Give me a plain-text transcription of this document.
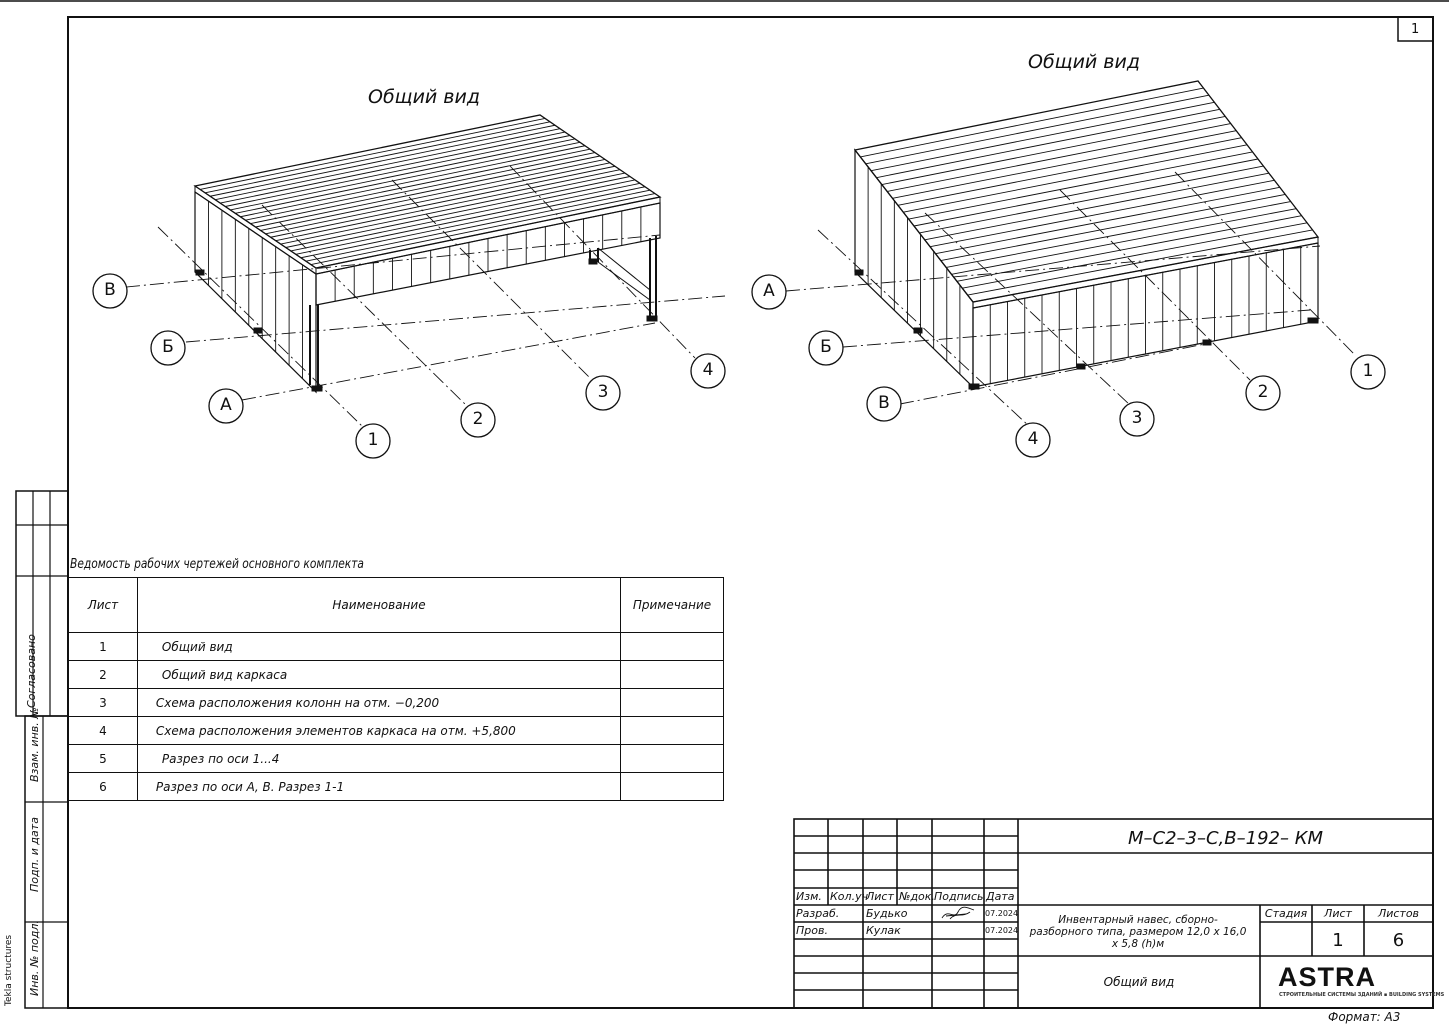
1
Согласовано
Взам. инв. №
Подп. и дата
Инв. № подл.
Tekla structures
Общий вид
Общий вид
В
Б
А
1
2
3
4
А
Б
В
4
3
2
1
Ведомость рабочих чертежей основного комплекта
Лист	Наименование	Примечание
1	Общий вид	
2	Общий вид каркаса	
3	Схема расположения колонн на отм. −0,200	
4	Схема расположения элементов каркаса на отм. +5,800	
5	Разрез по оси 1...4	
6	Разрез по оси А, В. Разрез 1-1	
М–С2–3–С,В–192– КМ
Изм. Кол.уч
Лист №док. Подпись Дата
Разраб. Будько	07.2024
Пров.	Кулак	07.2024
Инвентарный навес, сборно-разборного типа, размером 12,0 х 16,0 х 5,8 (h)м
Стадия	Лист	Листов
1	6
Общий вид	ASTRA
СТРОИТЕЛЬНЫЕ СИСТЕМЫ ЗДАНИЙ ▪ BUILDING SYSTEMS
Формат: А3
